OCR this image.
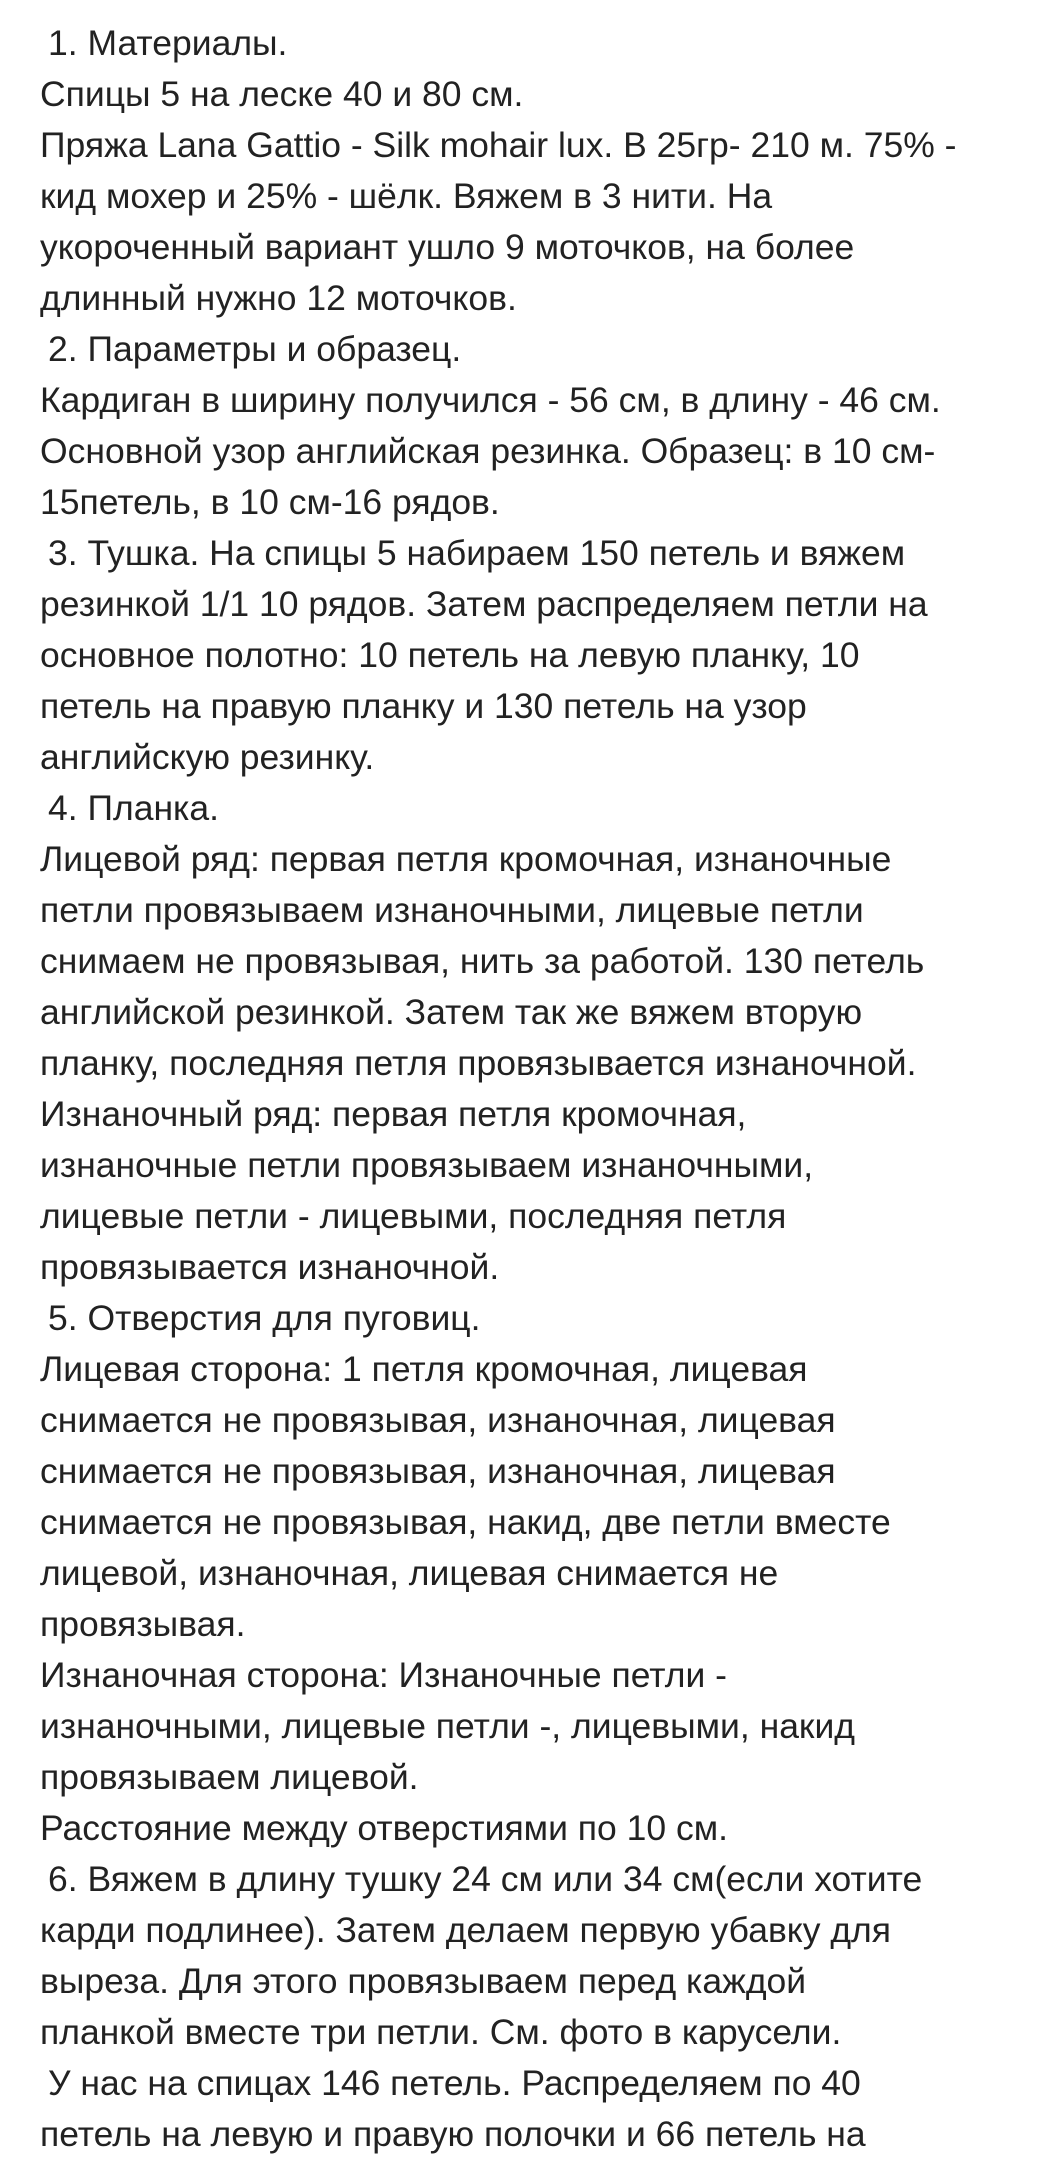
1. Материалы.
Спицы 5 на леске 40 и 80 см.
Пряжа Lana Gattio - Silk mohair lux. В 25гр- 210 м. 75% -
кид мохер и 25% - шёлк. Вяжем в 3 нити. На
укороченный вариант ушло 9 моточков, на более
длинный нужно 12 моточков.
2. Параметры и образец.
Кардиган в ширину получился - 56 см, в длину - 46 см.
Основной узор английская резинка. Образец: в 10 см-
15петель, в 10 см-16 рядов.
3. Тушка. На спицы 5 набираем 150 петель и вяжем
резинкой 1/1 10 рядов. Затем распределяем петли на
основное полотно: 10 петель на левую планку, 10
петель на правую планку и 130 петель на узор
английскую резинку.
4. Планка.
Лицевой ряд: первая петля кромочная, изнаночные
петли провязываем изнаночными, лицевые петли
снимаем не провязывая, нить за работой. 130 петель
английской резинкой. Затем так же вяжем вторую
планку, последняя петля провязывается изнаночной.
Изнаночный ряд: первая петля кромочная,
изнаночные петли провязываем изнаночными,
лицевые петли - лицевыми, последняя петля
провязывается изнаночной.
5. Отверстия для пуговиц.
Лицевая сторона: 1 петля кромочная, лицевая
снимается не провязывая, изнаночная, лицевая
снимается не провязывая, изнаночная, лицевая
снимается не провязывая, накид, две петли вместе
лицевой, изнаночная, лицевая снимается не
провязывая.
Изнаночная сторона: Изнаночные петли -
изнаночными, лицевые петли -, лицевыми, накид
провязываем лицевой.
Расстояние между отверстиями по 10 см.
6. Вяжем в длину тушку 24 см или 34 см(если хотите
карди подлинее). Затем делаем первую убавку для
выреза. Для этого провязываем перед каждой
планкой вместе три петли. См. фото в карусели.
У нас на спицах 146 петель. Распределяем по 40
петель на левую и правую полочки и 66 петель на
